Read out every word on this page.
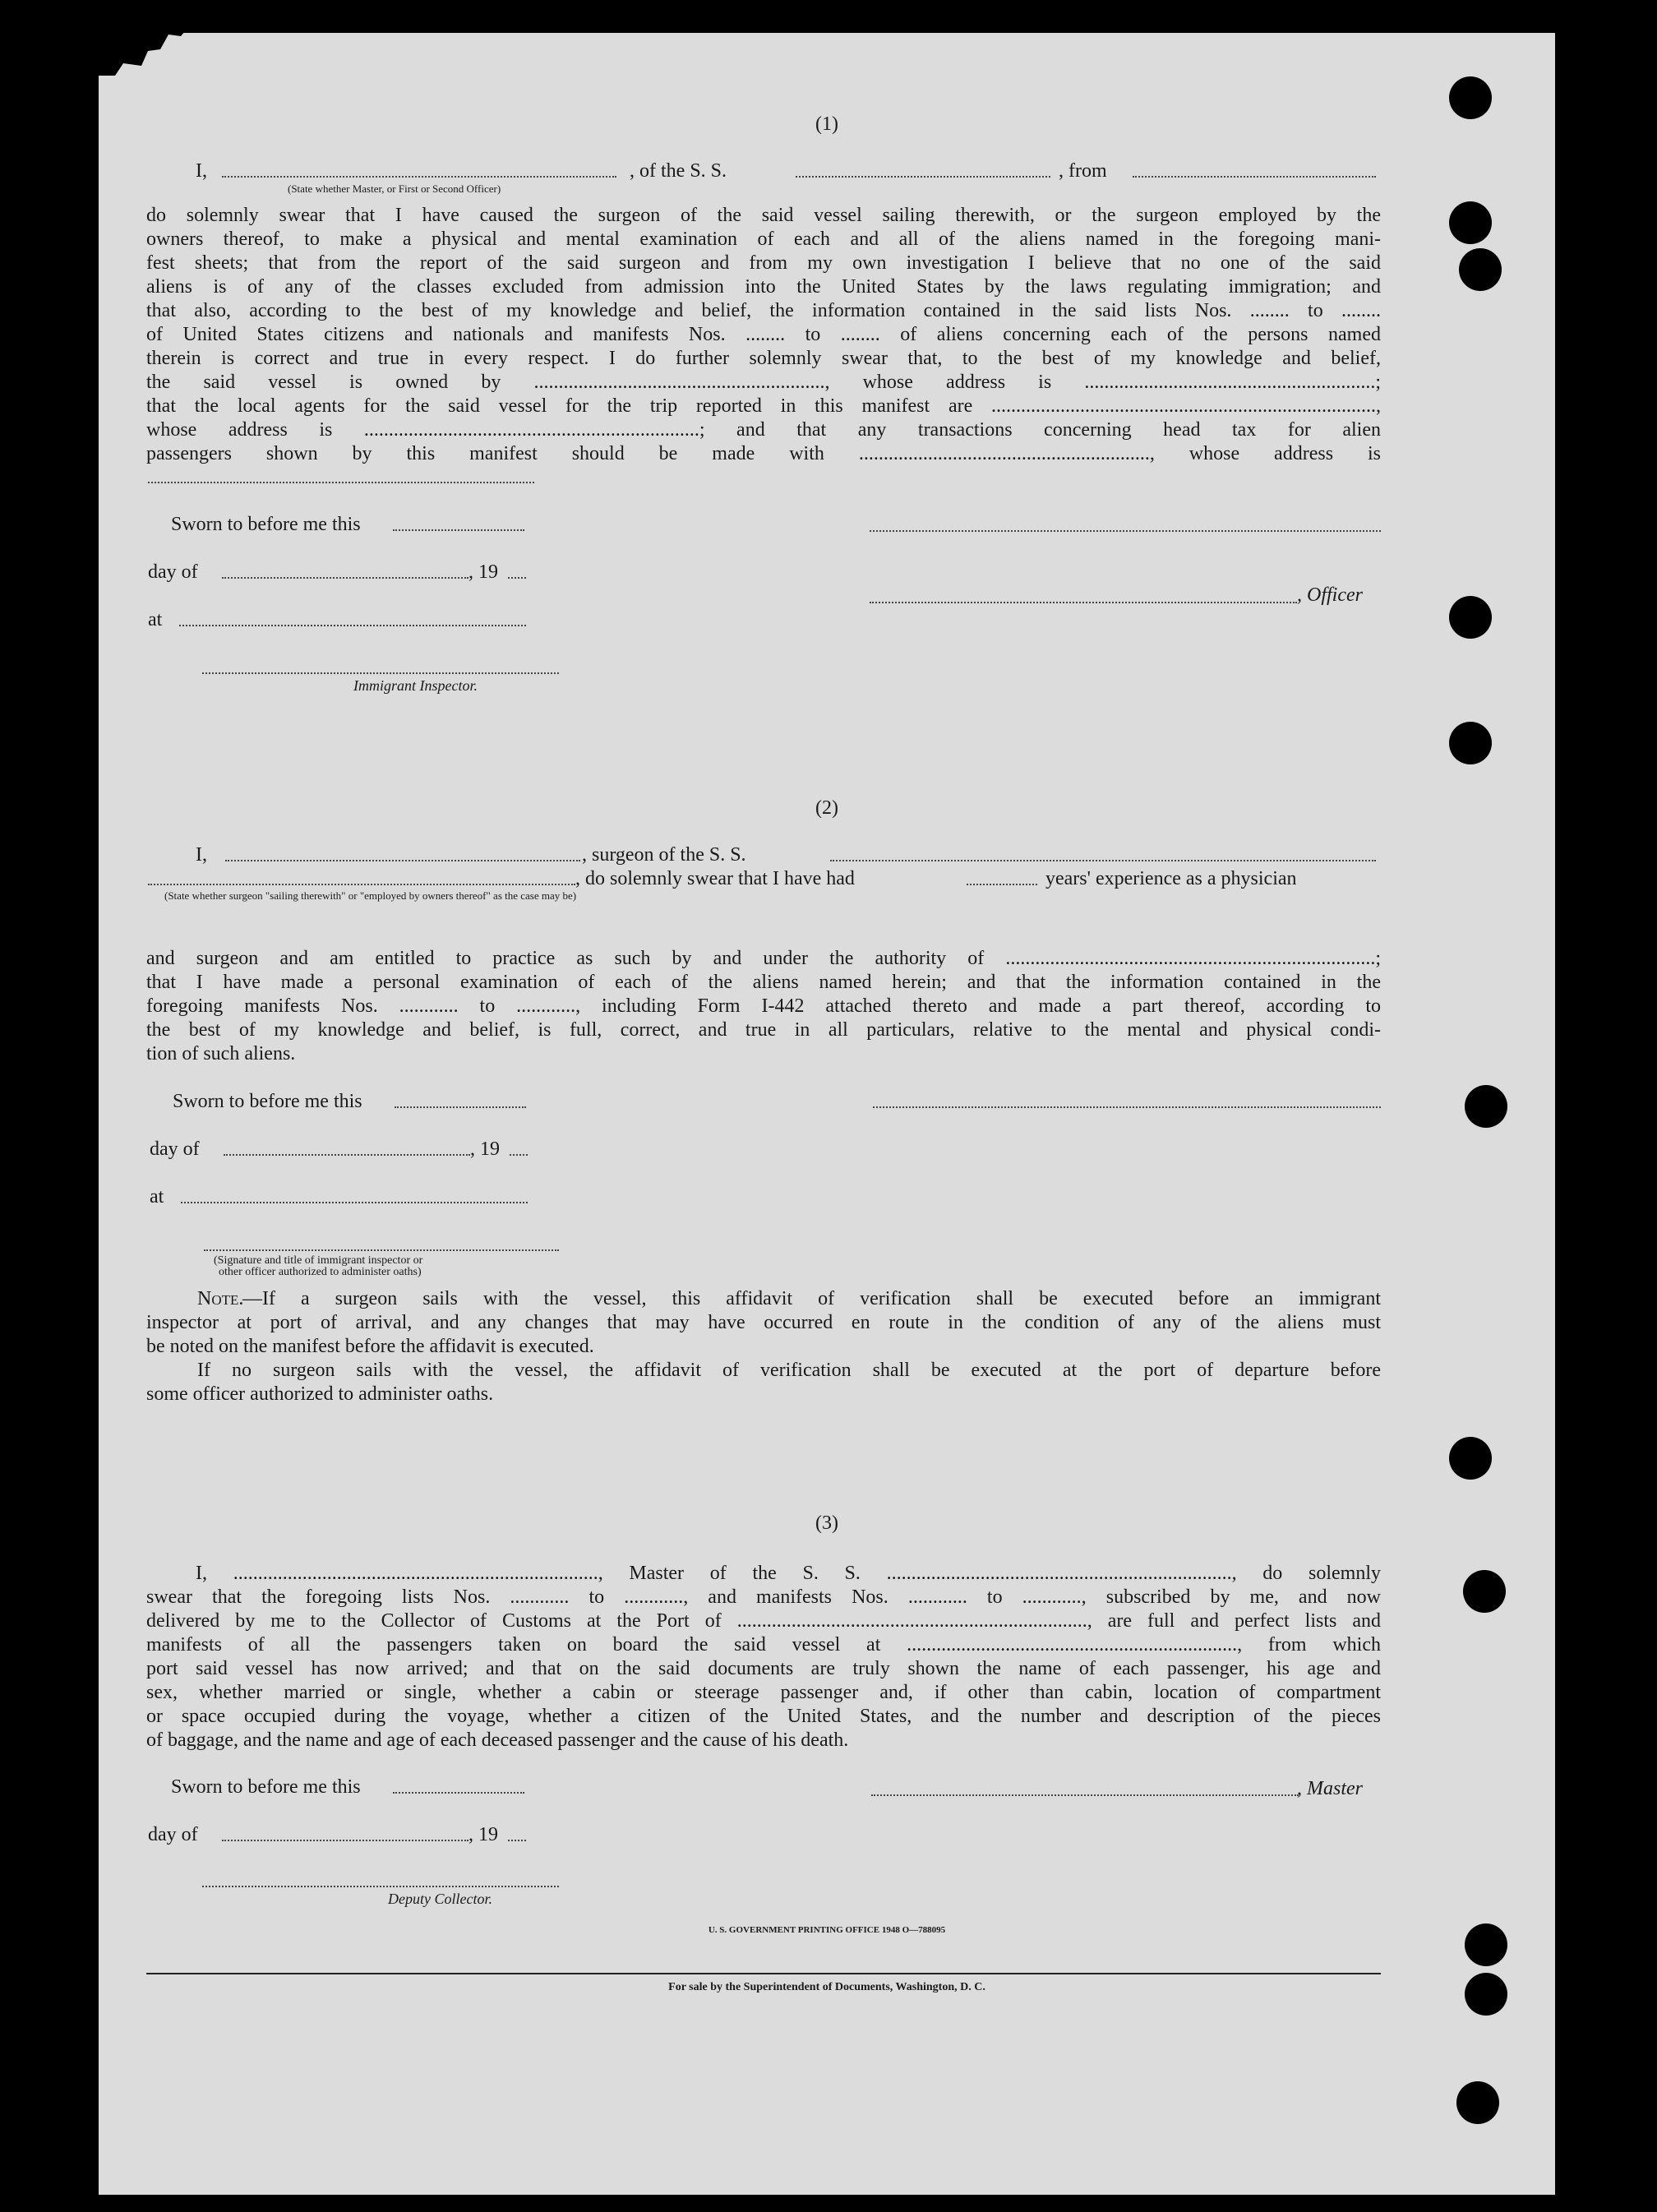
(1)
I,	, of the S. S.	, from
(State whether Master, or First or Second Officer)

do solemnly swear that I have caused the surgeon of the said vessel sailing therewith, or the surgeon employed by the

owners thereof, to make a physical and mental examination of each and all of the aliens named in the foregoing mani-

fest sheets; that from the report of the said surgeon and from my own investigation I believe that no one of the said

aliens is of any of the classes excluded from admission into the United States by the laws regulating immigration; and

that also, according to the best of my knowledge and belief, the information contained in the said lists Nos. ........ to ........

of United States citizens and nationals and manifests Nos. ........ to ........ of aliens concerning each of the persons named

therein is correct and true in every respect. I do further solemnly swear that, to the best of my knowledge and belief,

the said vessel is owned by ..........................................................., whose address is ...........................................................;

that the local agents for the said vessel for the trip reported in this manifest are ..............................................................................,

whose address is ....................................................................; and that any transactions concerning head tax for alien

passengers shown by this manifest should be made with ..........................................................., whose address is

Sworn to before me this
day of	, 19
, Officer
at
Immigrant Inspector.
(2)
I,	, surgeon of the S. S.
, do solemnly swear that I have had	years' experience as a physician
(State whether surgeon "sailing therewith" or "employed by owners thereof" as the case may be)

and surgeon and am entitled to practice as such by and under the authority of ...........................................................................;

that I have made a personal examination of each of the aliens named herein; and that the information contained in the

foregoing manifests Nos. ............ to ............, including Form I-442 attached thereto and made a part thereof, according to

the best of my knowledge and belief, is full, correct, and true in all particulars, relative to the mental and physical condi-

tion of such aliens.

Sworn to before me this
day of	, 19
at
(Signature and title of immigrant inspector or
other officer authorized to administer oaths)
Note.

—If a surgeon sails with the vessel, this affidavit of verification shall be executed before an immigrant

inspector at port of arrival, and any changes that may have occurred en route in the condition of any of the aliens must

be noted on the manifest before the affidavit is executed.

If no surgeon sails with the vessel, the affidavit of verification shall be executed at the port of departure before

some officer authorized to administer oaths.

(3)

I, .........................................................................., Master of the S. S. ......................................................................, do solemnly

swear that the foregoing lists Nos. ............ to ............, and manifests Nos. ............ to ............, subscribed by me, and now

delivered by me to the Collector of Customs at the Port of ......................................................................., are full and perfect lists and

manifests of all the passengers taken on board the said vessel at ..................................................................., from which

port said vessel has now arrived; and that on the said documents are truly shown the name of each passenger, his age and

sex, whether married or single, whether a cabin or steerage passenger and, if other than cabin, location of compartment

or space occupied during the voyage, whether a citizen of the United States, and the number and description of the pieces

of baggage, and the name and age of each deceased passenger and the cause of his death.

Sworn to before me this	, Master
day of	, 19
Deputy Collector.
U. S. GOVERNMENT PRINTING OFFICE 1948 O—788095
For sale by the Superintendent of Documents, Washington, D. C.
